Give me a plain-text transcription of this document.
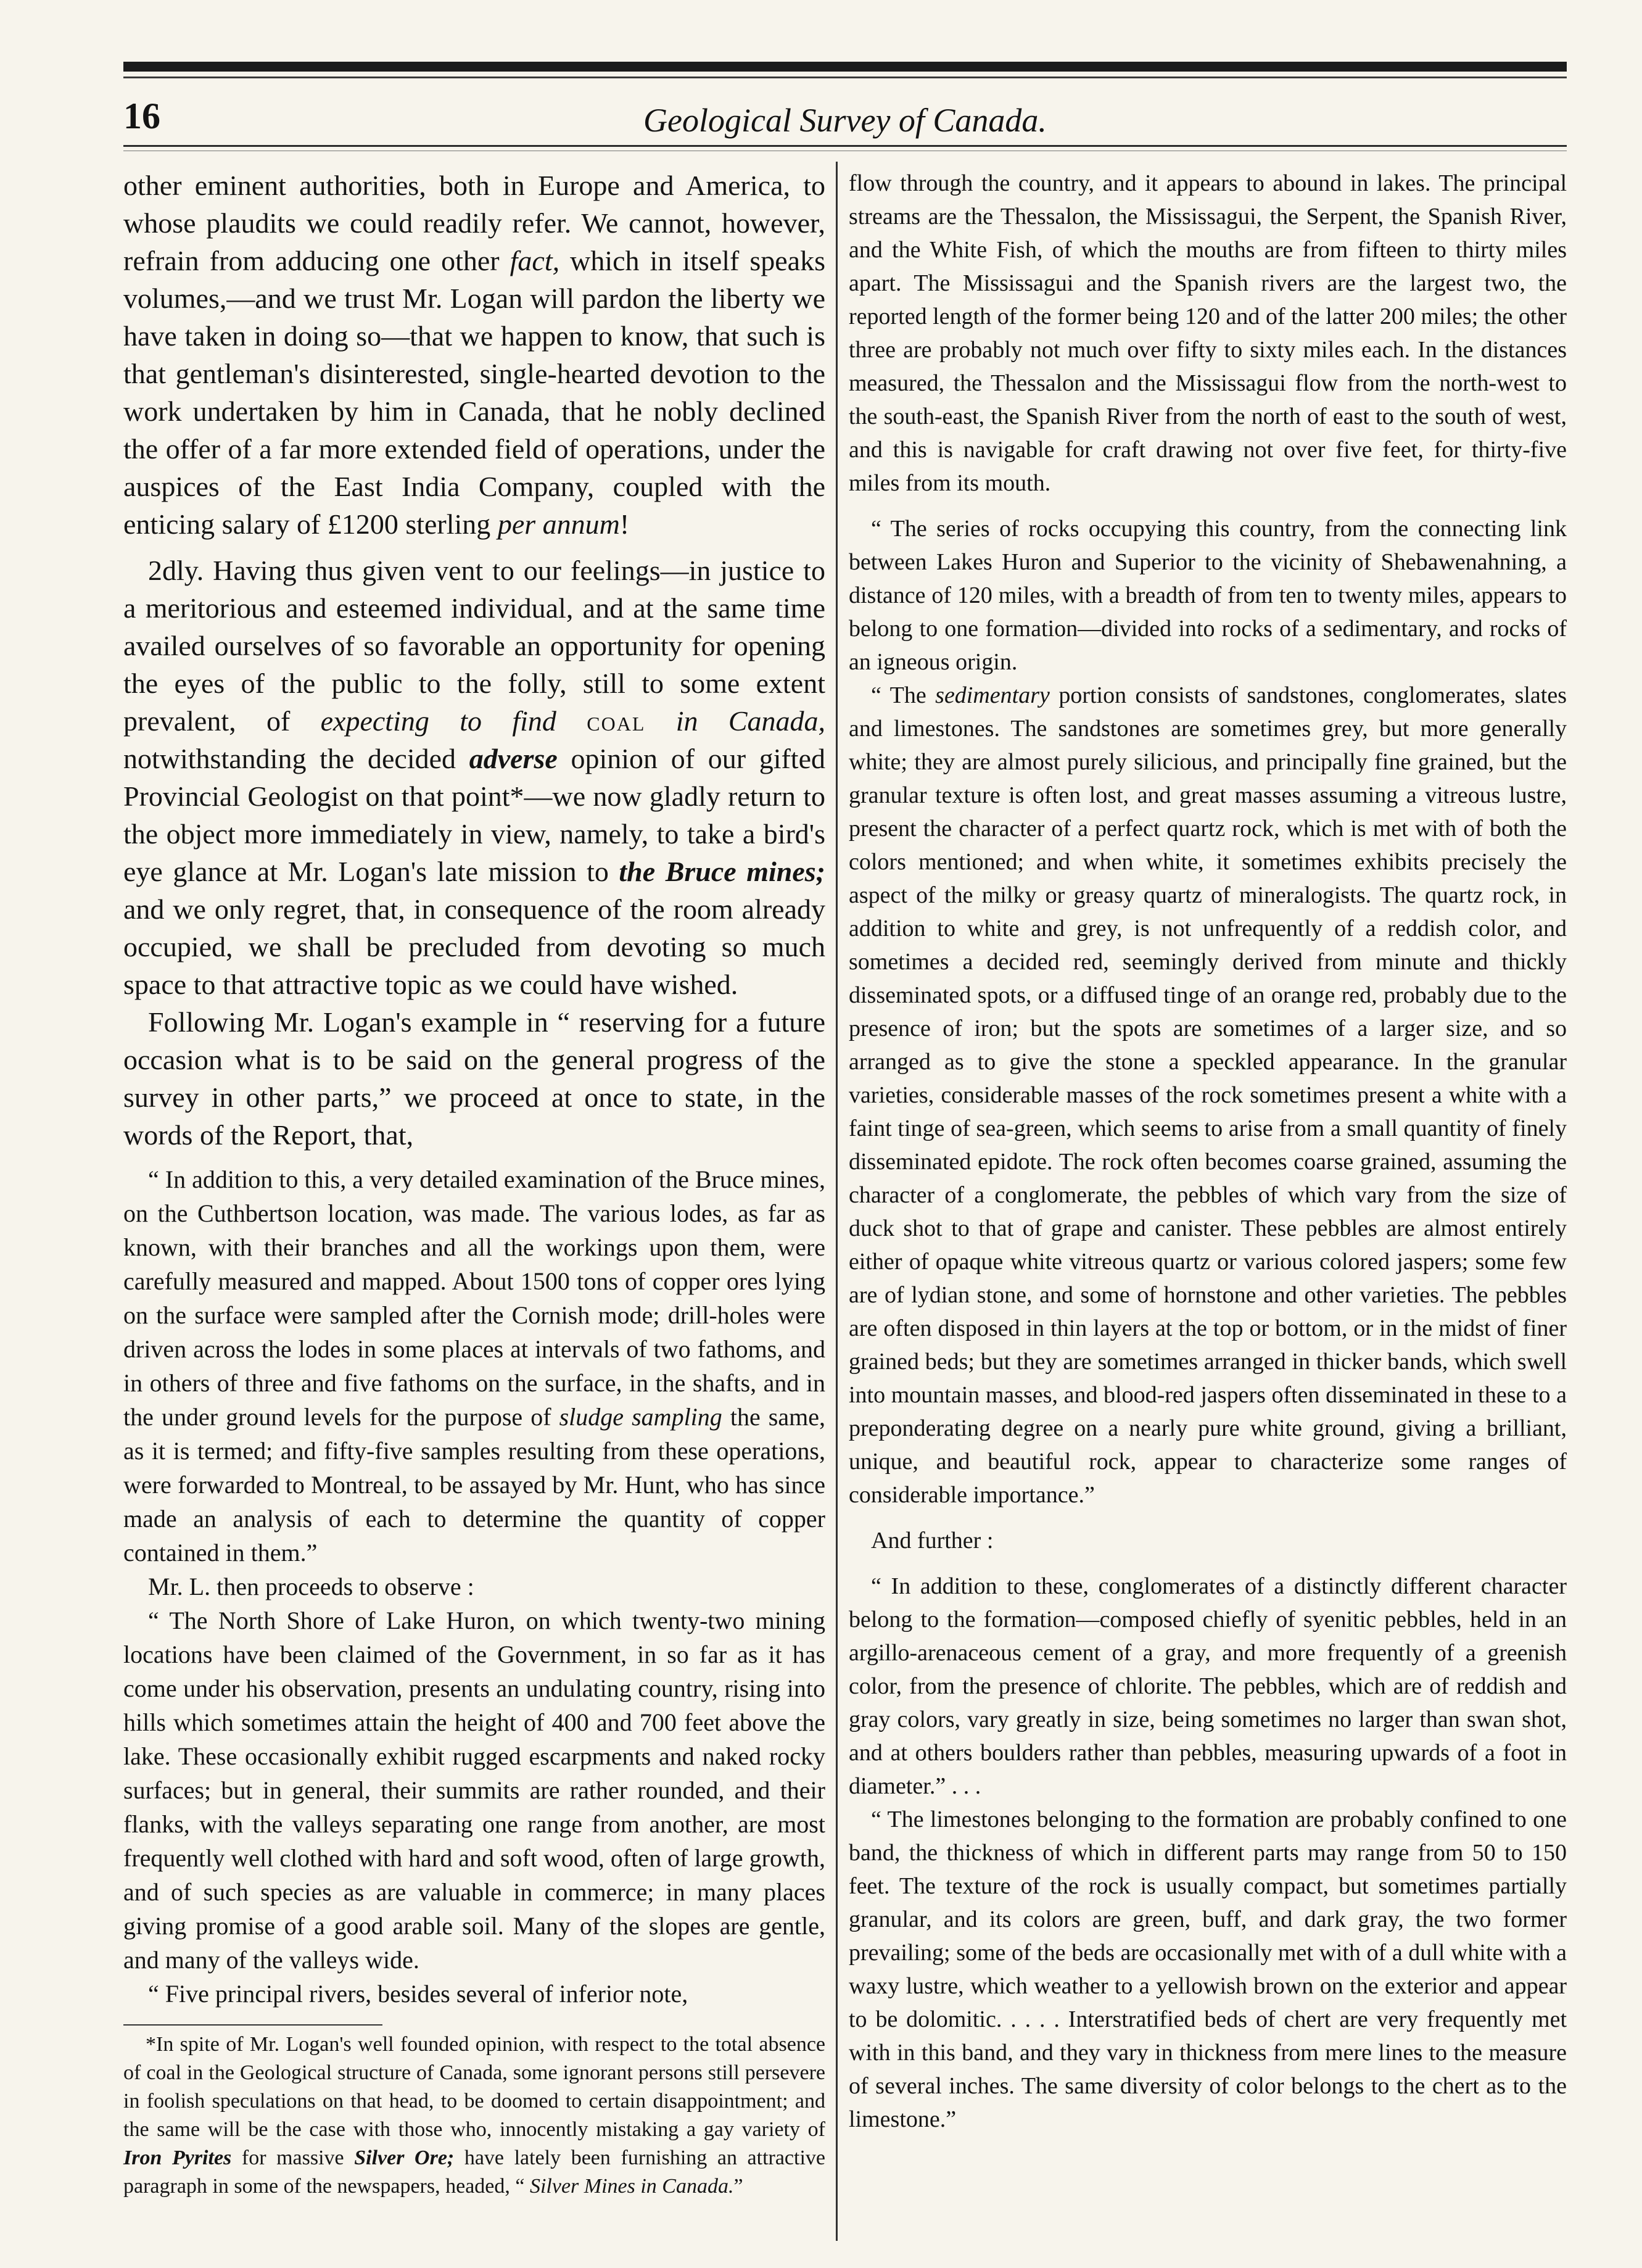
16	Geological Survey of Canada.

other eminent authorities, both in Europe and America, to whose plaudits we could readily refer. We cannot, however, refrain from adducing one other fact, which in itself speaks volumes,—and we trust Mr. Logan will pardon the liberty we have taken in doing so—that we happen to know, that such is that gentleman's disinterested, single-hearted devotion to the work undertaken by him in Canada, that he nobly declined the offer of a far more extended field of operations, under the auspices of the East India Company, coupled with the enticing salary of £1200 sterling per annum!

2dly. Having thus given vent to our feelings—in justice to a meritorious and esteemed individual, and at the same time availed ourselves of so favorable an opportunity for opening the eyes of the public to the folly, still to some extent prevalent, of expecting to find coal in Canada, notwithstanding the decided adverse opinion of our gifted Provincial Geologist on that point*—we now gladly return to the object more immediately in view, namely, to take a bird's eye glance at Mr. Logan's late mission to the Bruce mines; and we only regret, that, in consequence of the room already occupied, we shall be precluded from devoting so much space to that attractive topic as we could have wished.

Following Mr. Logan's example in “ reserving for a future occasion what is to be said on the general progress of the survey in other parts,” we proceed at once to state, in the words of the Report, that,

“ In addition to this, a very detailed examination of the Bruce mines, on the Cuthbertson location, was made. The various lodes, as far as known, with their branches and all the workings upon them, were carefully measured and mapped. About 1500 tons of copper ores lying on the surface were sampled after the Cornish mode; drill-holes were driven across the lodes in some places at intervals of two fathoms, and in others of three and five fathoms on the surface, in the shafts, and in the under ground levels for the purpose of sludge sampling the same, as it is termed; and fifty-five samples resulting from these operations, were forwarded to Montreal, to be assayed by Mr. Hunt, who has since made an analysis of each to determine the quantity of copper contained in them.”

Mr. L. then proceeds to observe :

“ The North Shore of Lake Huron, on which twenty-two mining locations have been claimed of the Government, in so far as it has come under his observation, presents an undulating country, rising into hills which sometimes attain the height of 400 and 700 feet above the lake. These occasionally exhibit rugged escarpments and naked rocky surfaces; but in general, their summits are rather rounded, and their flanks, with the valleys separating one range from another, are most frequently well clothed with hard and soft wood, often of large growth, and of such species as are valuable in commerce; in many places giving promise of a good arable soil. Many of the slopes are gentle, and many of the valleys wide.

“ Five principal rivers, besides several of inferior note,

*In spite of Mr. Logan's well founded opinion, with respect to the total absence of coal in the Geological structure of Canada, some ignorant persons still persevere in foolish speculations on that head, to be doomed to certain disappointment; and the same will be the case with those who, innocently mistaking a gay variety of Iron Pyrites for massive Silver Ore; have lately been furnishing an attractive paragraph in some of the newspapers, headed, “ Silver Mines in Canada.”

flow through the country, and it appears to abound in lakes. The principal streams are the Thessalon, the Mississagui, the Serpent, the Spanish River, and the White Fish, of which the mouths are from fifteen to thirty miles apart. The Mississagui and the Spanish rivers are the largest two, the reported length of the former being 120 and of the latter 200 miles; the other three are probably not much over fifty to sixty miles each. In the distances measured, the Thessalon and the Mississagui flow from the north-west to the south-east, the Spanish River from the north of east to the south of west, and this is navigable for craft drawing not over five feet, for thirty-five miles from its mouth.

“ The series of rocks occupying this country, from the connecting link between Lakes Huron and Superior to the vicinity of Shebawenahning, a distance of 120 miles, with a breadth of from ten to twenty miles, appears to belong to one formation—divided into rocks of a sedimentary, and rocks of an igneous origin.

“ The sedimentary portion consists of sandstones, conglomerates, slates and limestones. The sandstones are sometimes grey, but more generally white; they are almost purely silicious, and principally fine grained, but the granular texture is often lost, and great masses assuming a vitreous lustre, present the character of a perfect quartz rock, which is met with of both the colors mentioned; and when white, it sometimes exhibits precisely the aspect of the milky or greasy quartz of mineralogists. The quartz rock, in addition to white and grey, is not unfrequently of a reddish color, and sometimes a decided red, seemingly derived from minute and thickly disseminated spots, or a diffused tinge of an orange red, probably due to the presence of iron; but the spots are sometimes of a larger size, and so arranged as to give the stone a speckled appearance. In the granular varieties, considerable masses of the rock sometimes present a white with a faint tinge of sea-green, which seems to arise from a small quantity of finely disseminated epidote. The rock often becomes coarse grained, assuming the character of a conglomerate, the pebbles of which vary from the size of duck shot to that of grape and canister. These pebbles are almost entirely either of opaque white vitreous quartz or various colored jaspers; some few are of lydian stone, and some of hornstone and other varieties. The pebbles are often disposed in thin layers at the top or bottom, or in the midst of finer grained beds; but they are sometimes arranged in thicker bands, which swell into mountain masses, and blood-red jaspers often disseminated in these to a preponderating degree on a nearly pure white ground, giving a brilliant, unique, and beautiful rock, appear to characterize some ranges of considerable importance.”

And further :

“ In addition to these, conglomerates of a distinctly different character belong to the formation—composed chiefly of syenitic pebbles, held in an argillo-arenaceous cement of a gray, and more frequently of a greenish color, from the presence of chlorite. The pebbles, which are of reddish and gray colors, vary greatly in size, being sometimes no larger than swan shot, and at others boulders rather than pebbles, measuring upwards of a foot in diameter.” . . .

“ The limestones belonging to the formation are probably confined to one band, the thickness of which in different parts may range from 50 to 150 feet. The texture of the rock is usually compact, but sometimes partially granular, and its colors are green, buff, and dark gray, the two former prevailing; some of the beds are occasionally met with of a dull white with a waxy lustre, which weather to a yellowish brown on the exterior and appear to be dolomitic. . . . . Interstratified beds of chert are very frequently met with in this band, and they vary in thickness from mere lines to the measure of several inches. The same diversity of color belongs to the chert as to the limestone.”
